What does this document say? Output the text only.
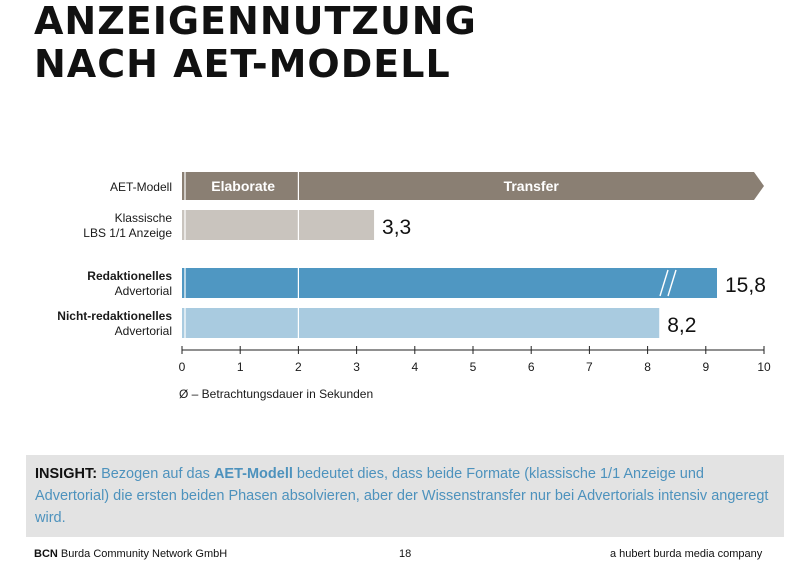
ANZEIGENNUTZUNG
NACH AET-MODELL
Elaborate	Transfer
AET-Modell
3,3
Klassische
LBS 1/1 Anzeige
15,8
Redaktionelles
Advertorial
8,2
Nicht-redaktionelles
Advertorial
0	1	2	3	4	5	6	7	8	9	10
Ø – Betrachtungsdauer in Sekunden
INSIGHT: Bezogen auf das AET-Modell bedeutet dies, dass beide Formate (klassische 1/1 Anzeige und Advertorial) die ersten beiden Phasen absolvieren, aber der Wissenstransfer nur bei Advertorials intensiv angeregt wird.
BCN Burda Community Network GmbH	18	a hubert burda media company
